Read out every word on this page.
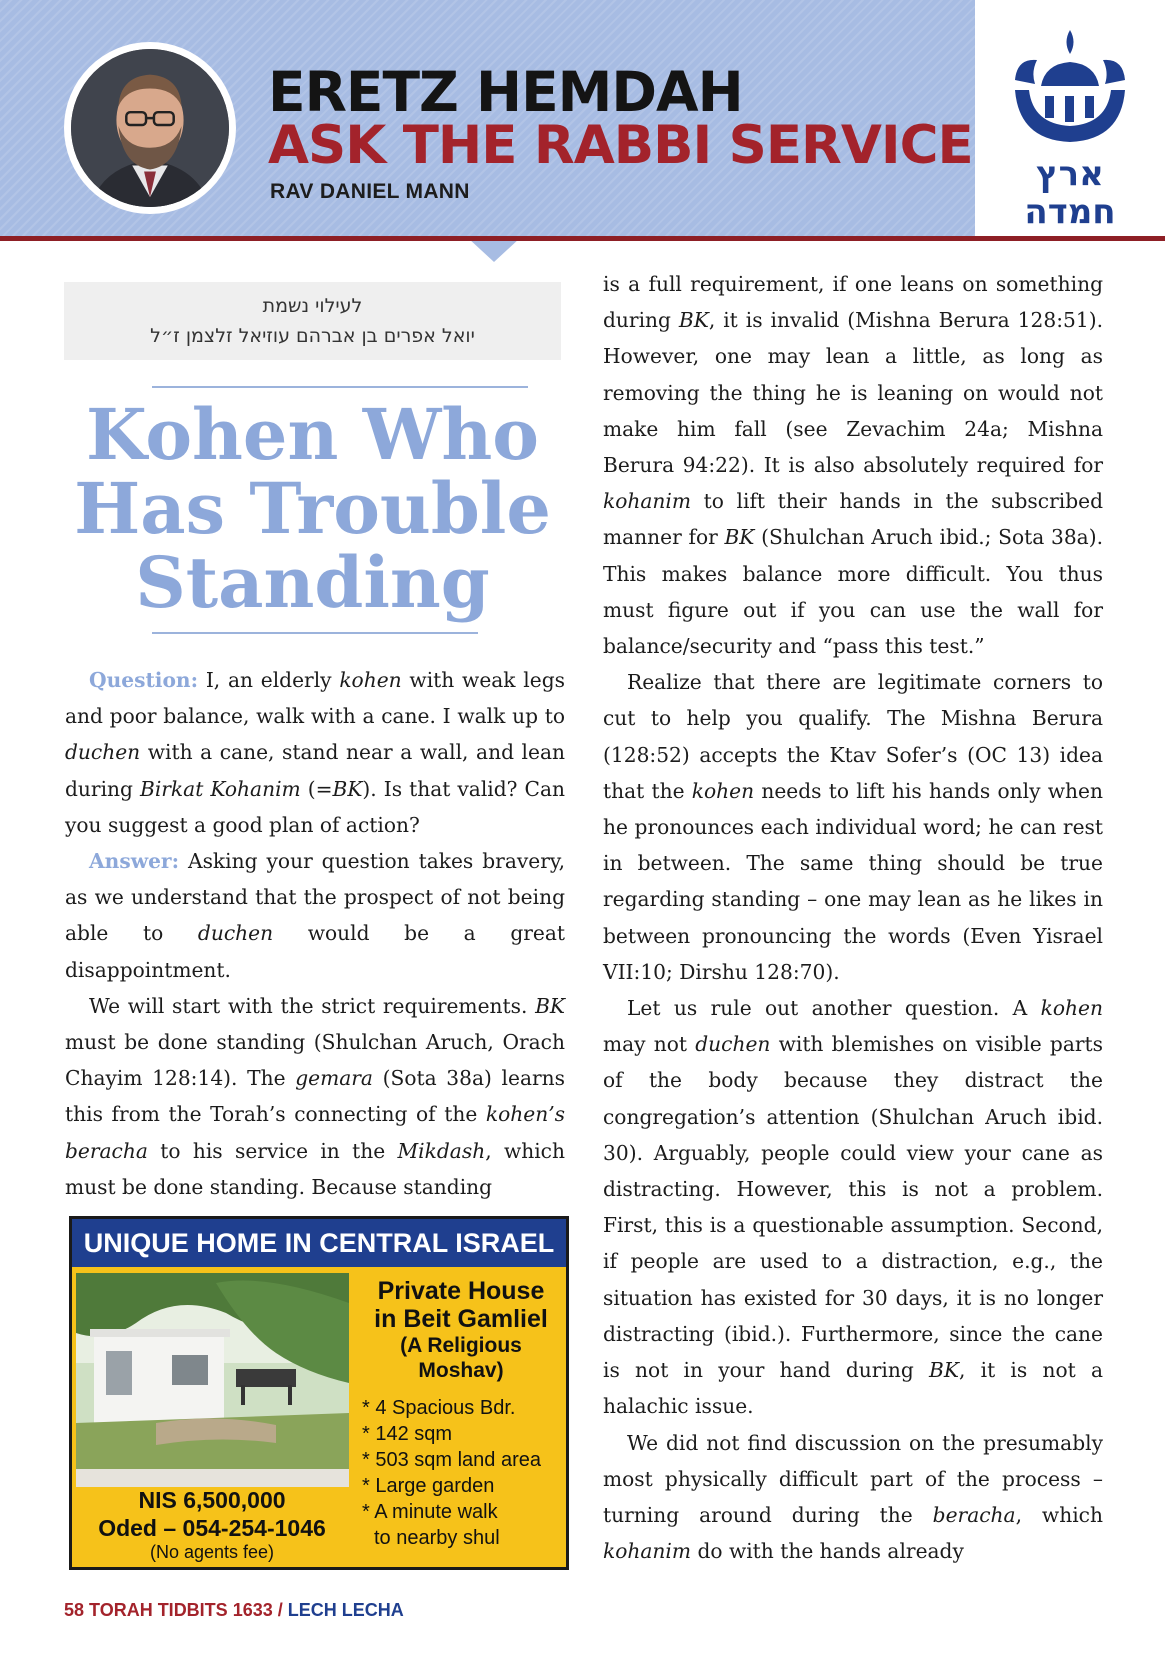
ERETZ HEMDAH
ASK THE RABBI SERVICE
RAV DANIEL MANN	ארץ
חמדה
לעילוי נשמת
יואל אפרים בן אברהם עוזיאל זלצמן ז״ל
Kohen Who
Has Trouble
Standing

Question: I, an elderly kohen with weak legs and poor balance, walk with a cane. I walk up to duchen with a cane, stand near a wall, and lean during Birkat Kohanim (=BK). Is that valid? Can you suggest a good plan of action?

Answer: Asking your question takes bravery, as we understand that the prospect of not being able to duchen would be a great disappointment.

We will start with the strict requirements. BK must be done standing (Shulchan Aruch, Orach Chayim 128:14). The gemara (Sota 38a) learns this from the Torah’s connecting of the kohen’s beracha to his service in the Mikdash, which must be done standing. Because standing

is a full requirement, if one leans on something during BK, it is invalid (Mishna Berura 128:51). However, one may lean a little, as long as removing the thing he is leaning on would not make him fall (see Zevachim 24a; Mishna Berura 94:22). It is also absolutely required for kohanim to lift their hands in the subscribed manner for BK (Shulchan Aruch ibid.; Sota 38a). This makes balance more difficult. You thus must figure out if you can use the wall for balance/security and “pass this test.”

Realize that there are legitimate corners to cut to help you qualify. The Mishna Berura (128:52) accepts the Ktav Sofer’s (OC 13) idea that the kohen needs to lift his hands only when he pronounces each individual word; he can rest in between. The same thing should be true regarding standing – one may lean as he likes in between pronouncing the words (Even Yisrael VII:10; Dirshu 128:70).

Let us rule out another question. A kohen may not duchen with blemishes on visible parts of the body because they distract the congregation’s attention (Shulchan Aruch ibid. 30). Arguably, people could view your cane as distracting. However, this is not a problem. First, this is a questionable assumption. Second, if people are used to a distraction, e.g., the situation has existed for 30 days, it is no longer distracting (ibid.). Furthermore, since the cane is not in your hand during BK, it is not a halachic issue.

We did not find discussion on the presumably most physically difficult part of the process – turning around during the beracha, which kohanim do with the hands already

UNIQUE HOME IN CENTRAL ISRAEL
Private House
in Beit Gamliel

(A Religious
Moshav)
* 4 Spacious Bdr.
* 142 sqm
* 503 sqm land area
* Large garden
* A minute walk
to nearby shul
NIS 6,500,000
Oded – 054-254-1046
(No agents fee)
58 TORAH TIDBITS 1633 / LECH LECHA
